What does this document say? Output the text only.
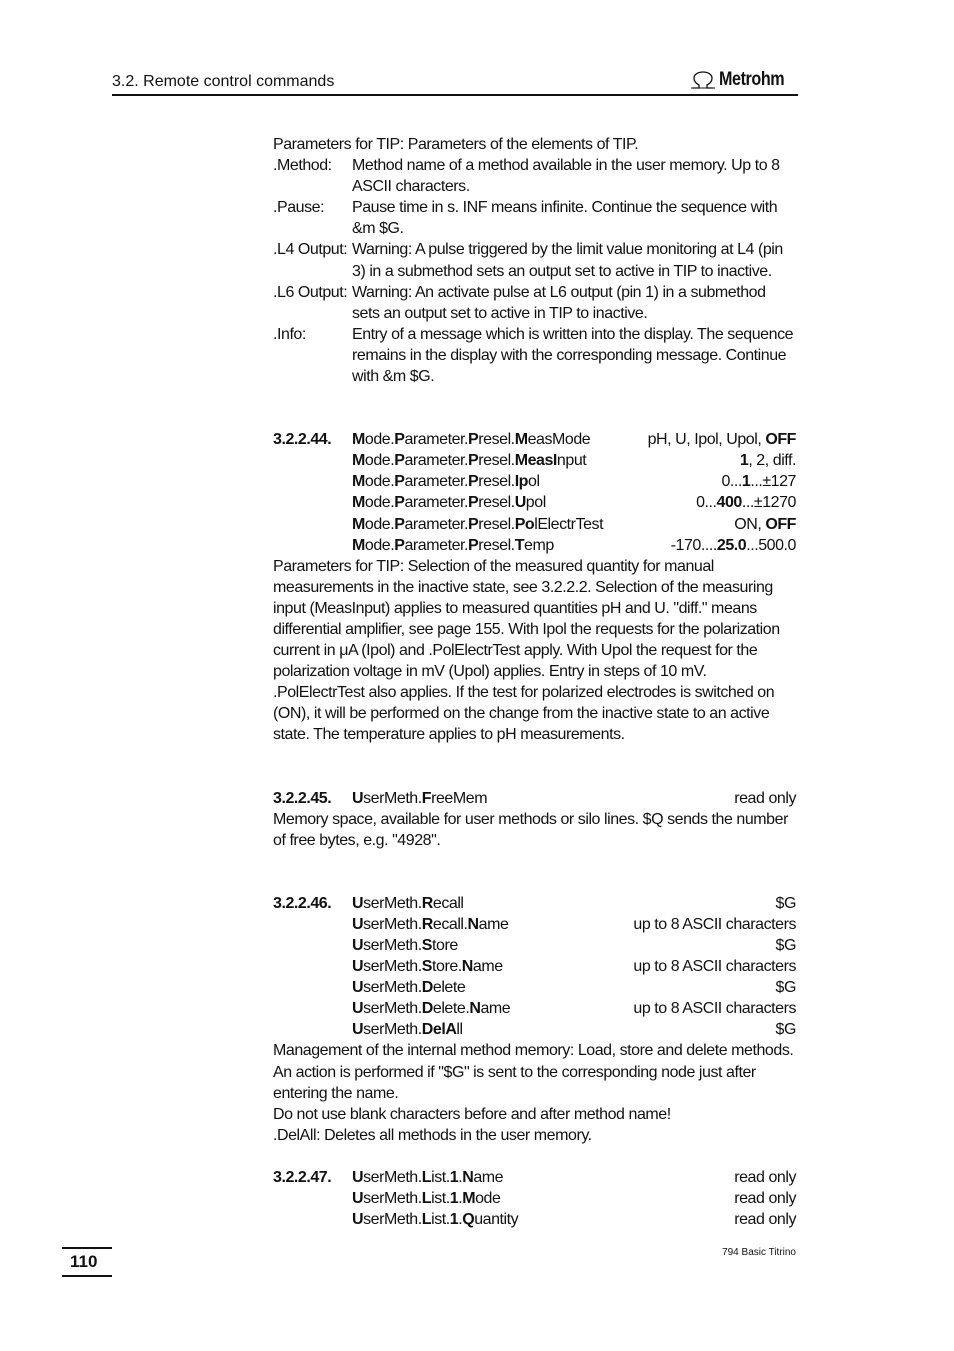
3.2. Remote control commands	Metrohm

Parameters for TIP: Parameters of the elements of TIP.

.Method:	Method name of a method available in the user memory. Up to 8 ASCII characters.
.Pause:	Pause time in s. INF means infinite. Continue the sequence with &m $G.
.L4 Output: Warning: A pulse triggered by the limit value monitoring at L4 (pin 3) in a submethod sets an output set to active in TIP to inactive.
.L6 Output: Warning: An activate pulse at L6 output (pin 1) in a submethod sets an output set to active in TIP to inactive.
.Info:	Entry of a message which is written into the display. The sequence remains in the display with the corresponding message. Continue with &m $G.
3.2.2.44.	Mode.Parameter.Presel.MeasMode	pH, U, Ipol, Upol, OFF
Mode.Parameter.Presel.MeasInput	1, 2, diff.
Mode.Parameter.Presel.Ipol	0...1...±127
Mode.Parameter.Presel.Upol	0...400...±1270
Mode.Parameter.Presel.PolElectrTest	ON, OFF
Mode.Parameter.Presel.Temp	-170....25.0...500.0

Parameters for TIP: Selection of the measured quantity for manual measurements in the inactive state, see 3.2.2.2. Selection of the measuring input (MeasInput) applies to measured quantities pH and U. "diff." means differential amplifier, see page 155. With Ipol the requests for the polarization current in μA (Ipol) and .PolElectrTest apply. With Upol the request for the polarization voltage in mV (Upol) applies. Entry in steps of 10 mV. .PolElectrTest also applies. If the test for polarized electrodes is switched on (ON), it will be performed on the change from the inactive state to an active state. The temperature applies to pH measurements.

3.2.2.45.	UserMeth.FreeMem	read only

Memory space, available for user methods or silo lines. $Q sends the number of free bytes, e.g. "4928".

3.2.2.46.	UserMeth.Recall	$G
UserMeth.Recall.Name	up to 8 ASCII characters
UserMeth.Store	$G
UserMeth.Store.Name	up to 8 ASCII characters
UserMeth.Delete	$G
UserMeth.Delete.Name	up to 8 ASCII characters
UserMeth.DelAll	$G

Management of the internal method memory: Load, store and delete methods. An action is performed if "$G" is sent to the corresponding node just after entering the name.

Do not use blank characters before and after method name!

.DelAll: Deletes all methods in the user memory.

3.2.2.47.	UserMeth.List.1.Name	read only
UserMeth.List.1.Mode	read only
UserMeth.List.1.Quantity	read only
110	794 Basic Titrino
